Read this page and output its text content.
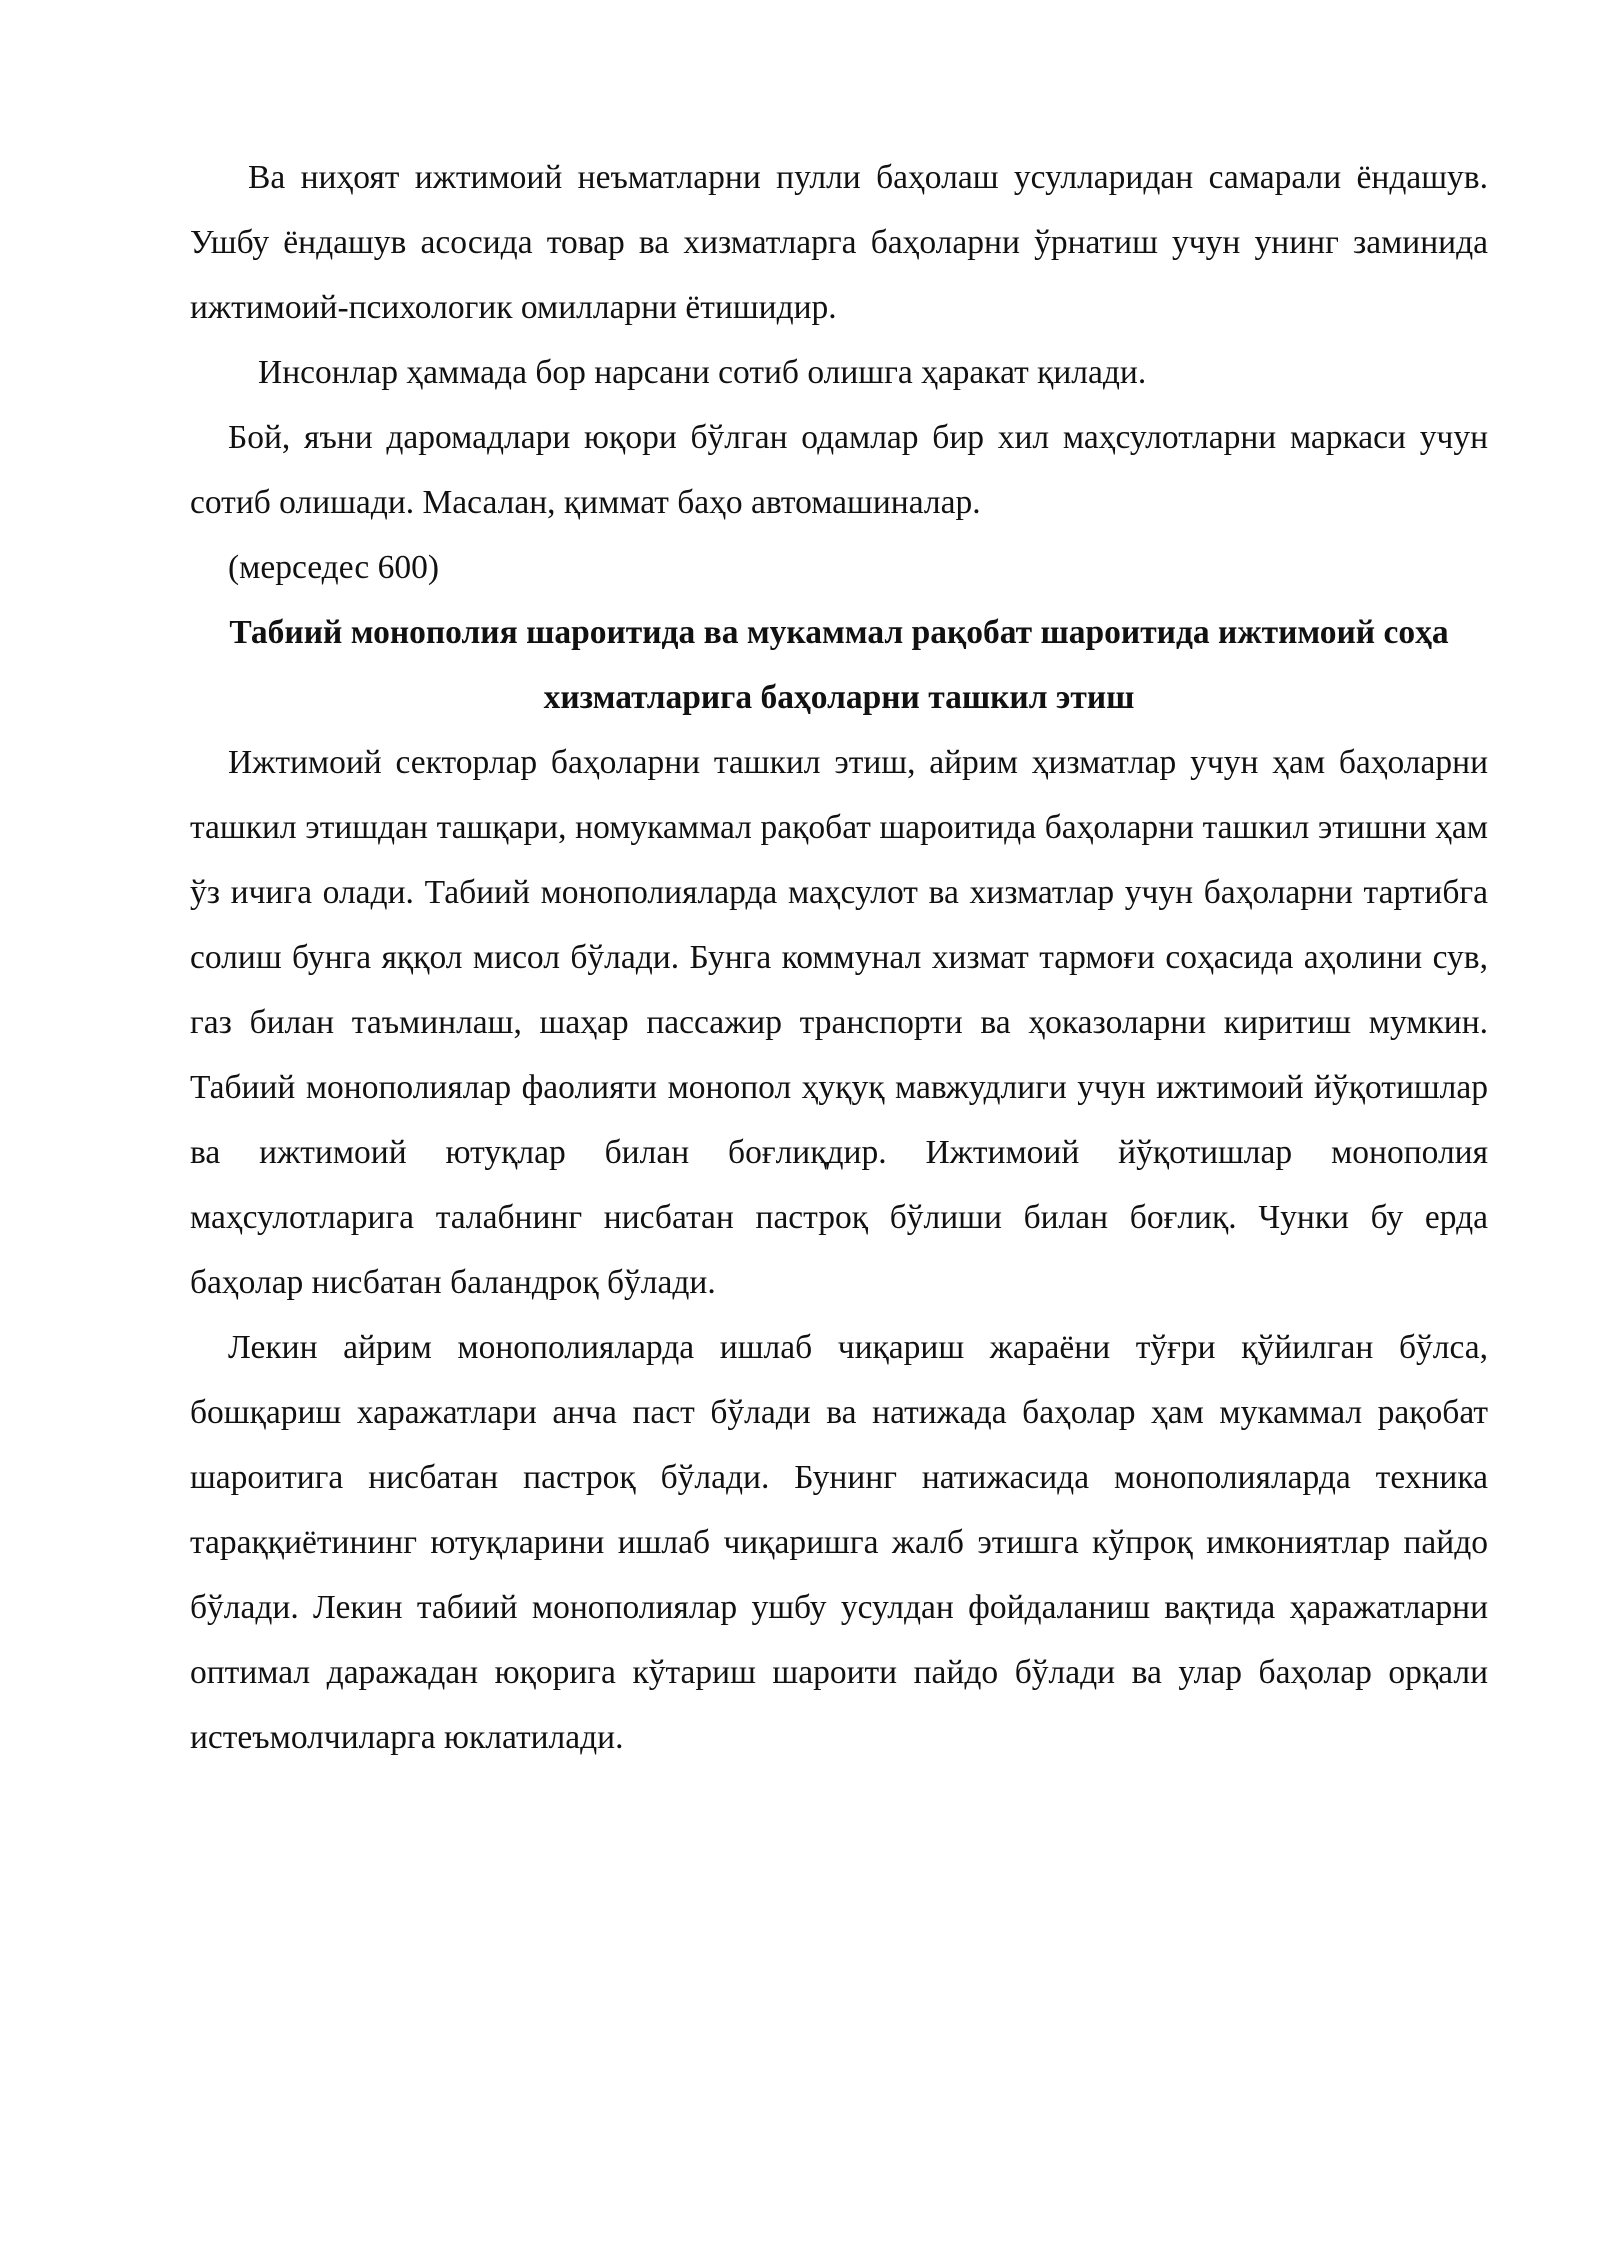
Ва ниҳоят ижтимоий неъматларни пулли баҳолаш усулларидан самарали ёндашув. Ушбу ёндашув асосида товар ва хизматларга баҳоларни ўрнатиш учун унинг заминида ижтимоий-психологик омилларни ётишидир.

Инсонлар ҳаммада бор нарсани сотиб олишга ҳаракат қилади.

Бой, яъни даромадлари юқори бўлган одамлар бир хил маҳсулотларни маркаси учун сотиб олишади. Масалан, қиммат баҳо автомашиналар.

(мерседес 600)

Табиий монополия шароитида ва мукаммал рақобат шароитида ижтимоий соҳа хизматларига баҳоларни ташкил этиш

Ижтимоий секторлар баҳоларни ташкил этиш, айрим ҳизматлар учун ҳам баҳоларни ташкил этишдан ташқари, номукаммал рақобат шароитида баҳоларни ташкил этишни ҳам ўз ичига олади. Табиий монополияларда маҳсулот ва хизматлар учун баҳоларни тартибга солиш бунга яққол мисол бўлади. Бунга коммунал хизмат тармоғи соҳасида аҳолини сув, газ билан таъминлаш, шаҳар пассажир транспорти ва ҳоказоларни киритиш мумкин. Табиий монополиялар фаолияти монопол ҳуқуқ мавжудлиги учун ижтимоий йўқотишлар ва ижтимоий ютуқлар билан боғлиқдир. Ижтимоий йўқотишлар монополия маҳсулотларига талабнинг нисбатан пастроқ бўлиши билан боғлиқ. Чунки бу ерда баҳолар нисбатан баландроқ бўлади.

Лекин айрим монополияларда ишлаб чиқариш жараёни тўғри қўйилган бўлса, бошқариш харажатлари анча паст бўлади ва натижада баҳолар ҳам мукаммал рақобат шароитига нисбатан пастроқ бўлади. Бунинг натижасида монополияларда техника тараққиётининг ютуқларини ишлаб чиқаришга жалб этишга кўпроқ имкониятлар пайдо бўлади. Лекин табиий монополиялар ушбу усулдан фойдаланиш вақтида ҳаражатларни оптимал даражадан юқорига кўтариш шароити пайдо бўлади ва улар баҳолар орқали истеъмолчиларга юклатилади.
